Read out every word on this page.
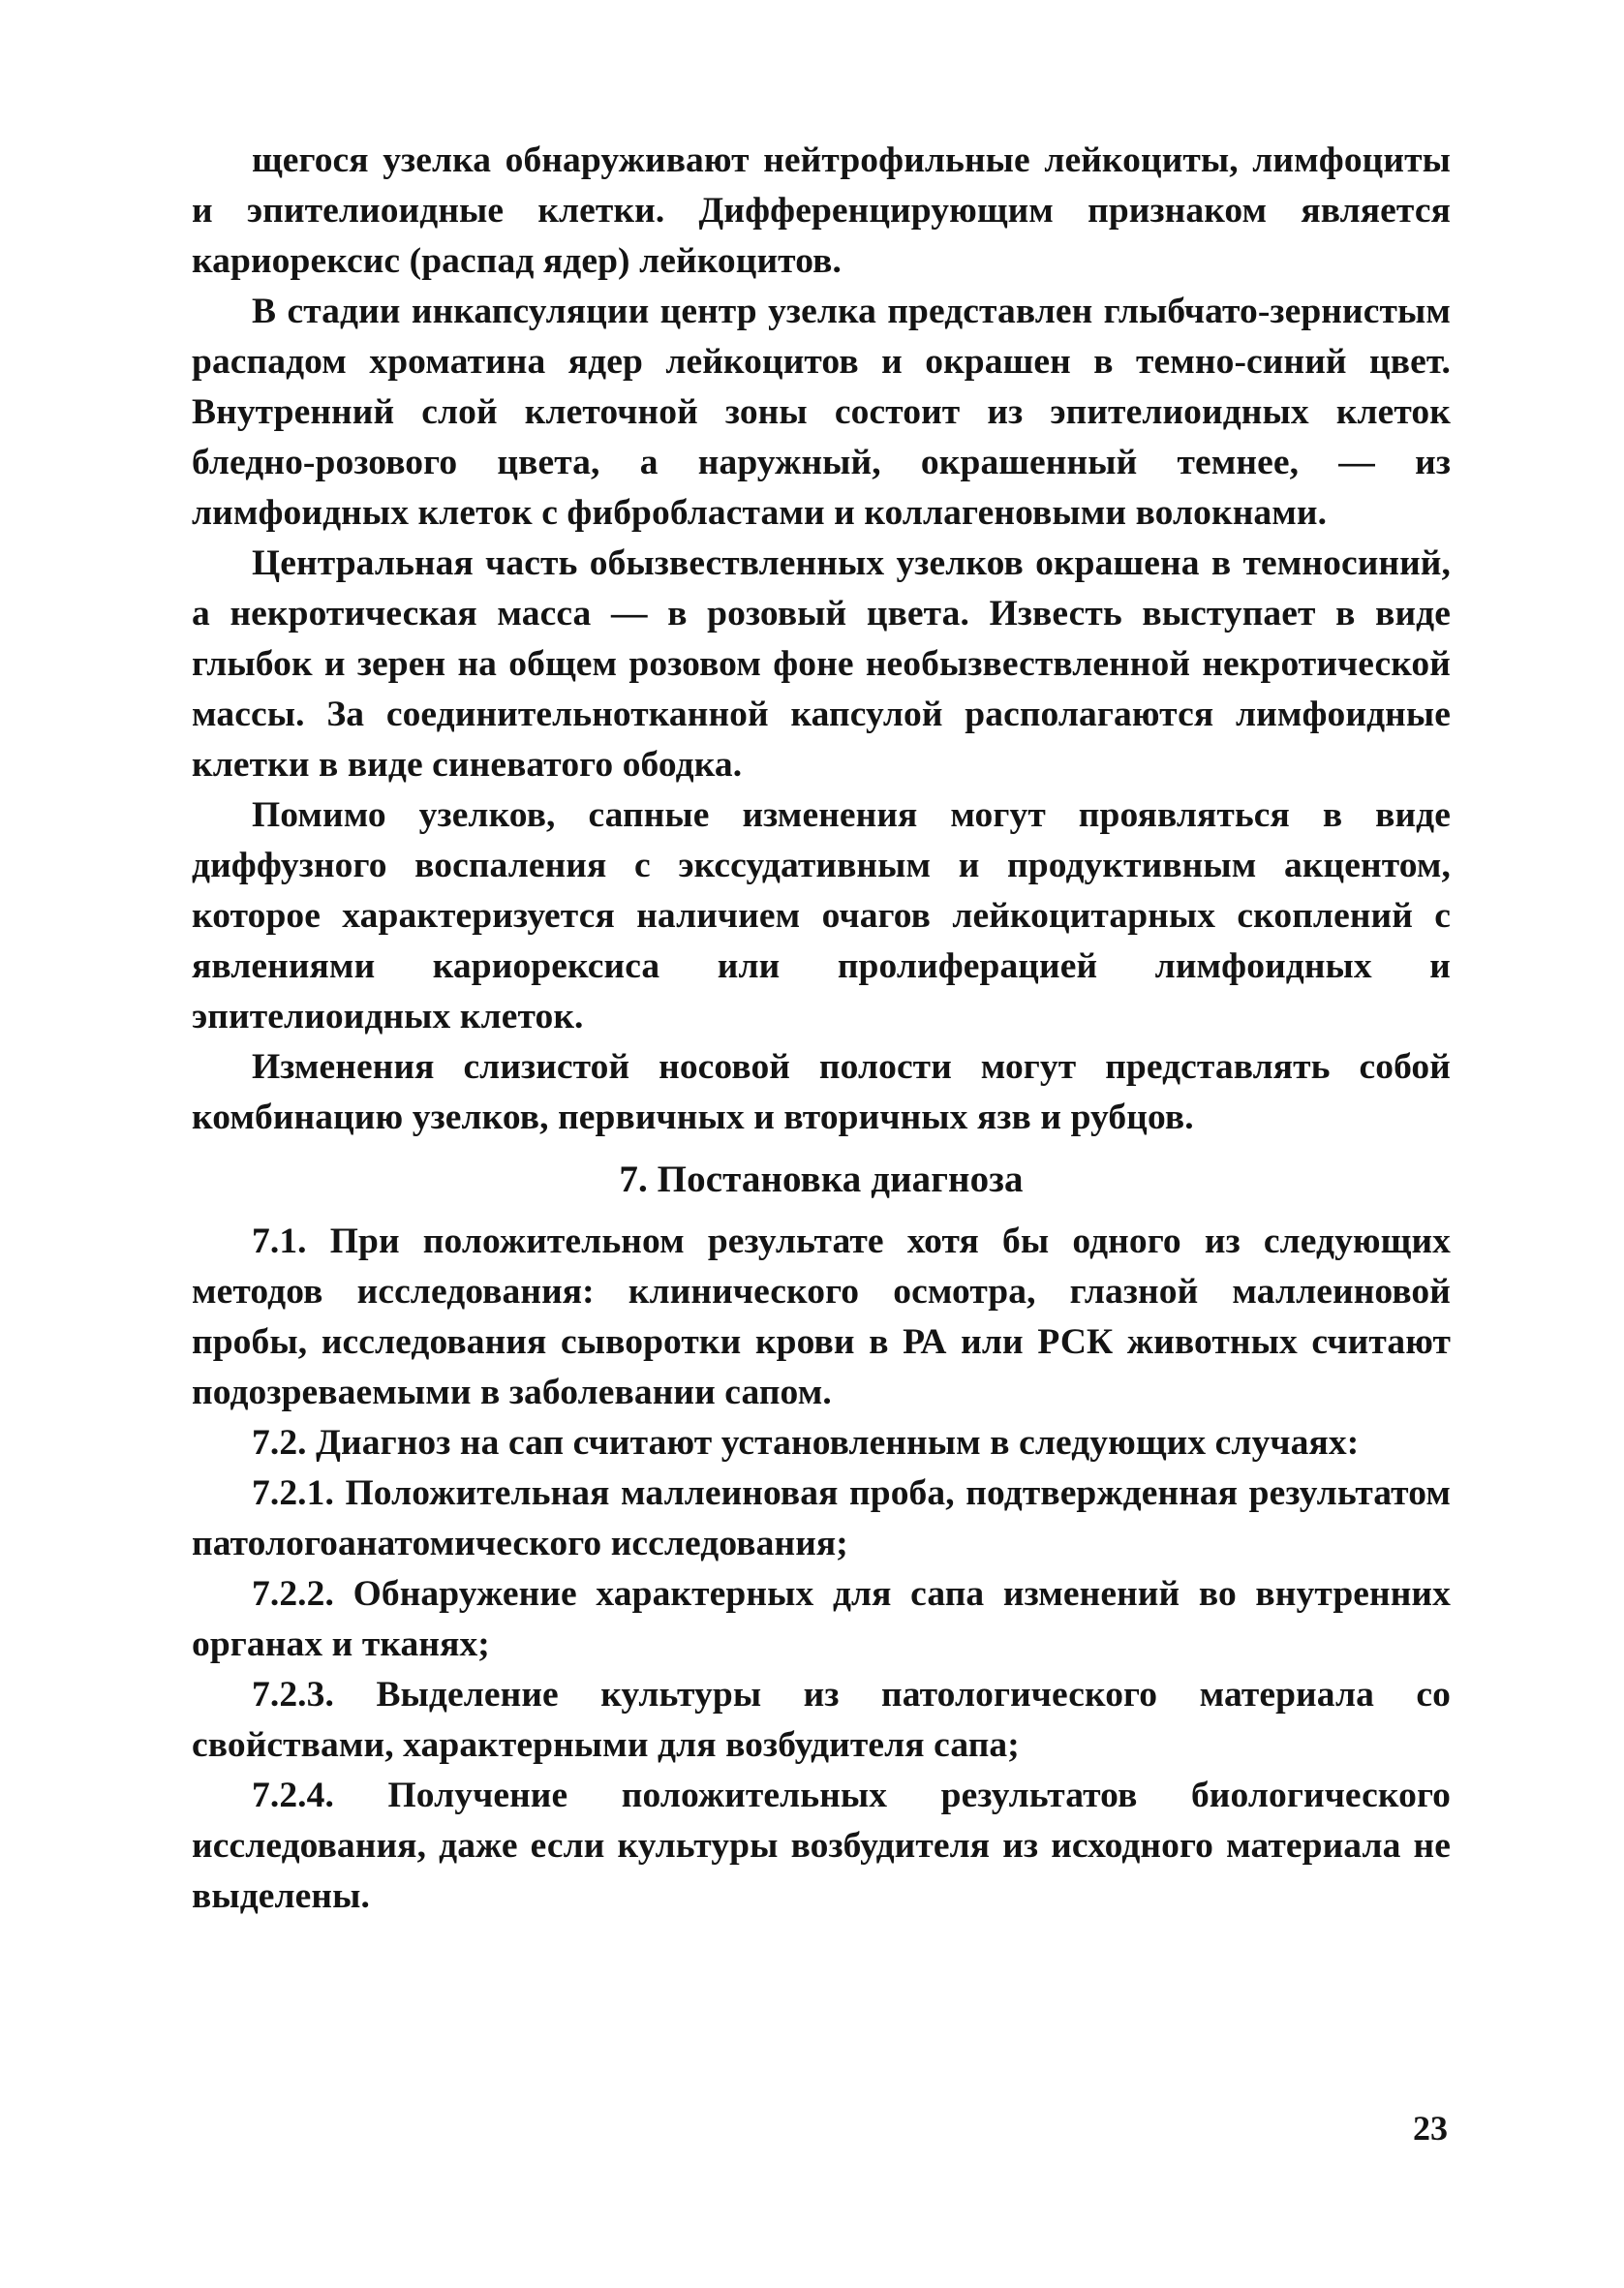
щегося узелка обнаруживают нейтрофильные лейкоциты, лимфоциты и эпителиоидные клетки. Дифференцирующим признаком является кариорексис (распад ядер) лейкоцитов.

В стадии инкапсуляции центр узелка представлен глыбчато-зернистым распадом хроматина ядер лейкоцитов и окрашен в темно-синий цвет. Внутренний слой клеточной зоны состоит из эпителиоидных клеток бледно-розового цвета, а наружный, окрашенный темнее, — из лимфоидных клеток с фибробластами и коллагеновыми волокнами.

Центральная часть обызвествленных узелков окрашена в темносиний, а некротическая масса — в розовый цвета. Известь выступает в виде глыбок и зерен на общем розовом фоне необызвествленной некротической массы. За соединительнотканной капсулой располагаются лимфоидные клетки в виде синеватого ободка.

Помимо узелков, сапные изменения могут проявляться в виде диффузного воспаления с экссудативным и продуктивным акцентом, которое характеризуется наличием очагов лейкоцитарных скоплений с явлениями кариорексиса или пролиферацией лимфоидных и эпителиоидных клеток.

Изменения слизистой носовой полости могут представлять собой комбинацию узелков, первичных и вторичных язв и рубцов.

7. Постановка диагноза

7.1. При положительном результате хотя бы одного из следующих методов исследования: клинического осмотра, глазной маллеиновой пробы, исследования сыворотки крови в РА или РСК животных считают подозреваемыми в заболевании сапом.

7.2. Диагноз на сап считают установленным в следующих случаях:

7.2.1. Положительная маллеиновая проба, подтвержденная результатом патологоанатомического исследования;

7.2.2. Обнаружение характерных для сапа изменений во внутренних органах и тканях;

7.2.3. Выделение культуры из патологического материала со свойствами, характерными для возбудителя сапа;

7.2.4. Получение положительных результатов биологического исследования, даже если культуры возбудителя из исходного материала не выделены.

23
